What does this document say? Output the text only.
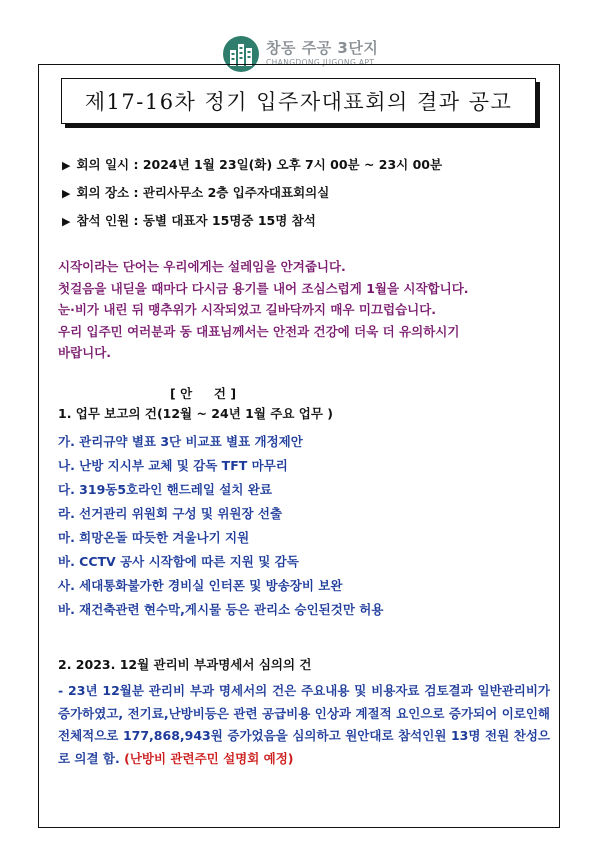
창동 주공 3단지
CHANGDONG JUGONG APT
제17-16차 정기 입주자대표회의 결과 공고
▶ 회의 일시 : 2024년 1월 23일(화) 오후 7시 00분 ~ 23시 00분
▶ 회의 장소 : 관리사무소 2층 입주자대표회의실
▶ 참석 인원 : 동별 대표자 15명중 15명 참석
시작이라는 단어는 우리에게는 설레임을 안겨줍니다.
첫걸음을 내딛을 때마다 다시금 용기를 내어 조심스럽게 1월을 시작합니다.
눈·비가 내린 뒤 맹추위가 시작되었고 길바닥까지 매우 미끄럽습니다.
우리 입주민 여러분과 동 대표님께서는 안전과 건강에 더욱 더 유의하시기
바랍니다.
[ 안     건 ]
1. 업무 보고의 건(12월 ~ 24년 1월 주요 업무 )
가. 관리규약 별표 3단 비교표 별표 개정제안
나. 난방 지시부 교체 및 감독 TFT 마무리
다. 319동5호라인 핸드레일 설치 완료
라. 선거관리 위원회 구성 및 위원장 선출
마. 희망온돌 따듯한 겨울나기 지원
바. CCTV 공사 시작함에 따른 지원 및 감독
사. 세대통화불가한 경비실 인터폰 및 방송장비 보완
바. 재건축관련 현수막,게시물 등은 관리소 승인된것만 허용
2. 2023. 12월 관리비 부과명세서 심의의 건
- 23년 12월분 관리비 부과 명세서의 건은 주요내용 및 비용자료 검토결과 일반관리비가 증가하였고, 전기료,난방비등은 관련 공급비용 인상과 계절적 요인으로 증가되어 이로인해 전체적으로 177,868,943원 증가었음을 심의하고 원안대로 참석인원 13명 전원 찬성으로 의결 함. (난방비 관련주민 설명회 예정)
